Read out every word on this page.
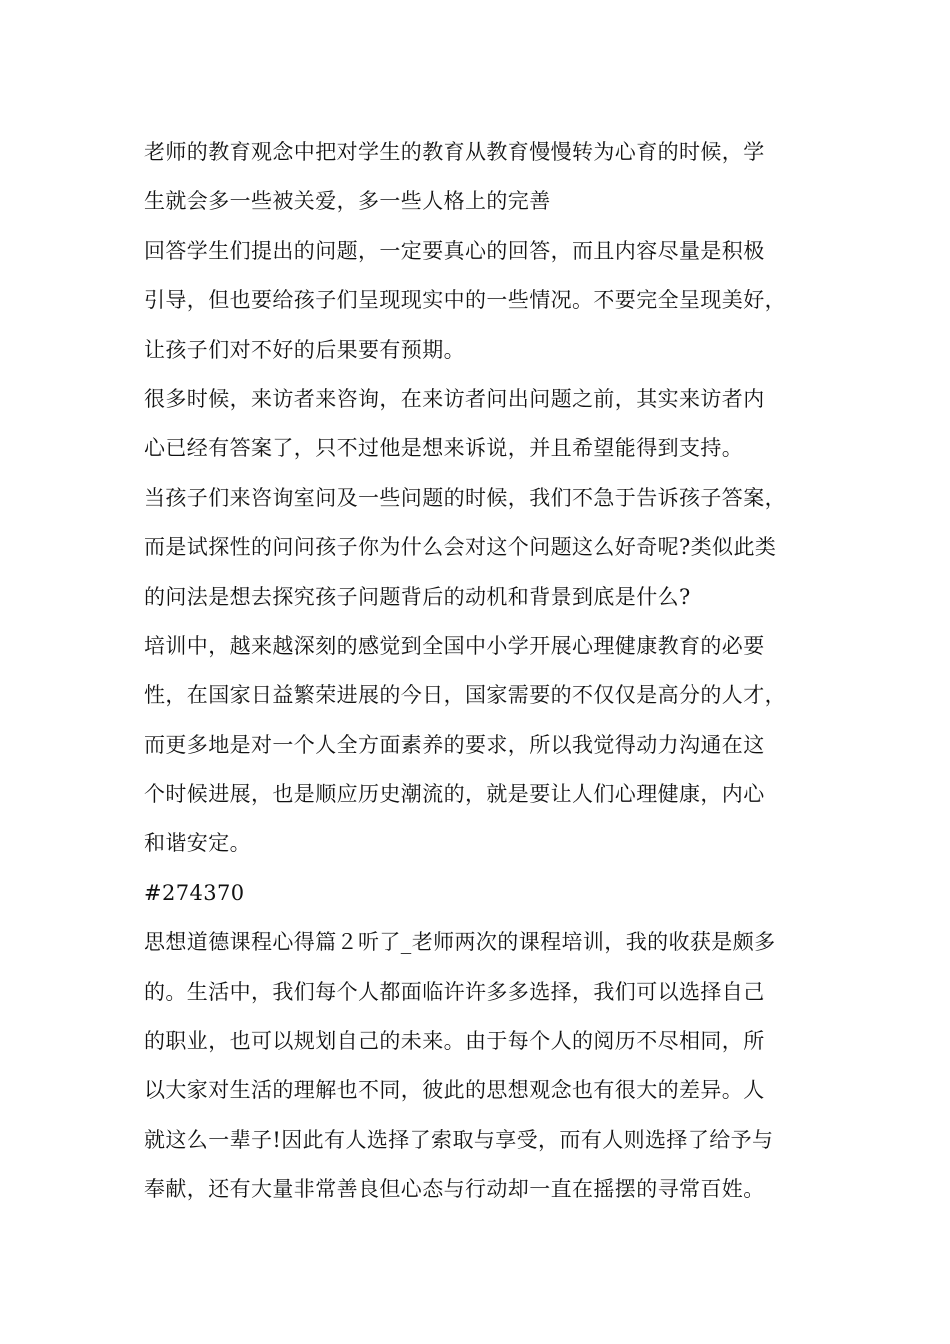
老师的教育观念中把对学生的教育从教育慢慢转为心育的时候，学
生就会多一些被关爱，多一些人格上的完善

回答学生们提出的问题，一定要真心的回答，而且内容尽量是积极
引导，但也要给孩子们呈现现实中的一些情况。不要完全呈现美好，
让孩子们对不好的后果要有预期。

很多时候，来访者来咨询，在来访者问出问题之前，其实来访者内
心已经有答案了，只不过他是想来诉说，并且希望能得到支持。

当孩子们来咨询室问及一些问题的时候，我们不急于告诉孩子答案，
而是试探性的问问孩子你为什么会对这个问题这么好奇呢?类似此类
的问法是想去探究孩子问题背后的动机和背景到底是什么?

培训中，越来越深刻的感觉到全国中小学开展心理健康教育的必要
性，在国家日益繁荣进展的今日，国家需要的不仅仅是高分的人才，
而更多地是对一个人全方面素养的要求，所以我觉得动力沟通在这
个时候进展，也是顺应历史潮流的，就是要让人们心理健康，内心
和谐安定。

#274370

思想道德课程心得篇２听了_老师两次的课程培训，我的收获是颇多
的。生活中，我们每个人都面临许许多多选择，我们可以选择自己
的职业，也可以规划自己的未来。由于每个人的阅历不尽相同，所
以大家对生活的理解也不同，彼此的思想观念也有很大的差异。人
就这么一辈子!因此有人选择了索取与享受，而有人则选择了给予与
奉献，还有大量非常善良但心态与行动却一直在摇摆的寻常百姓。
